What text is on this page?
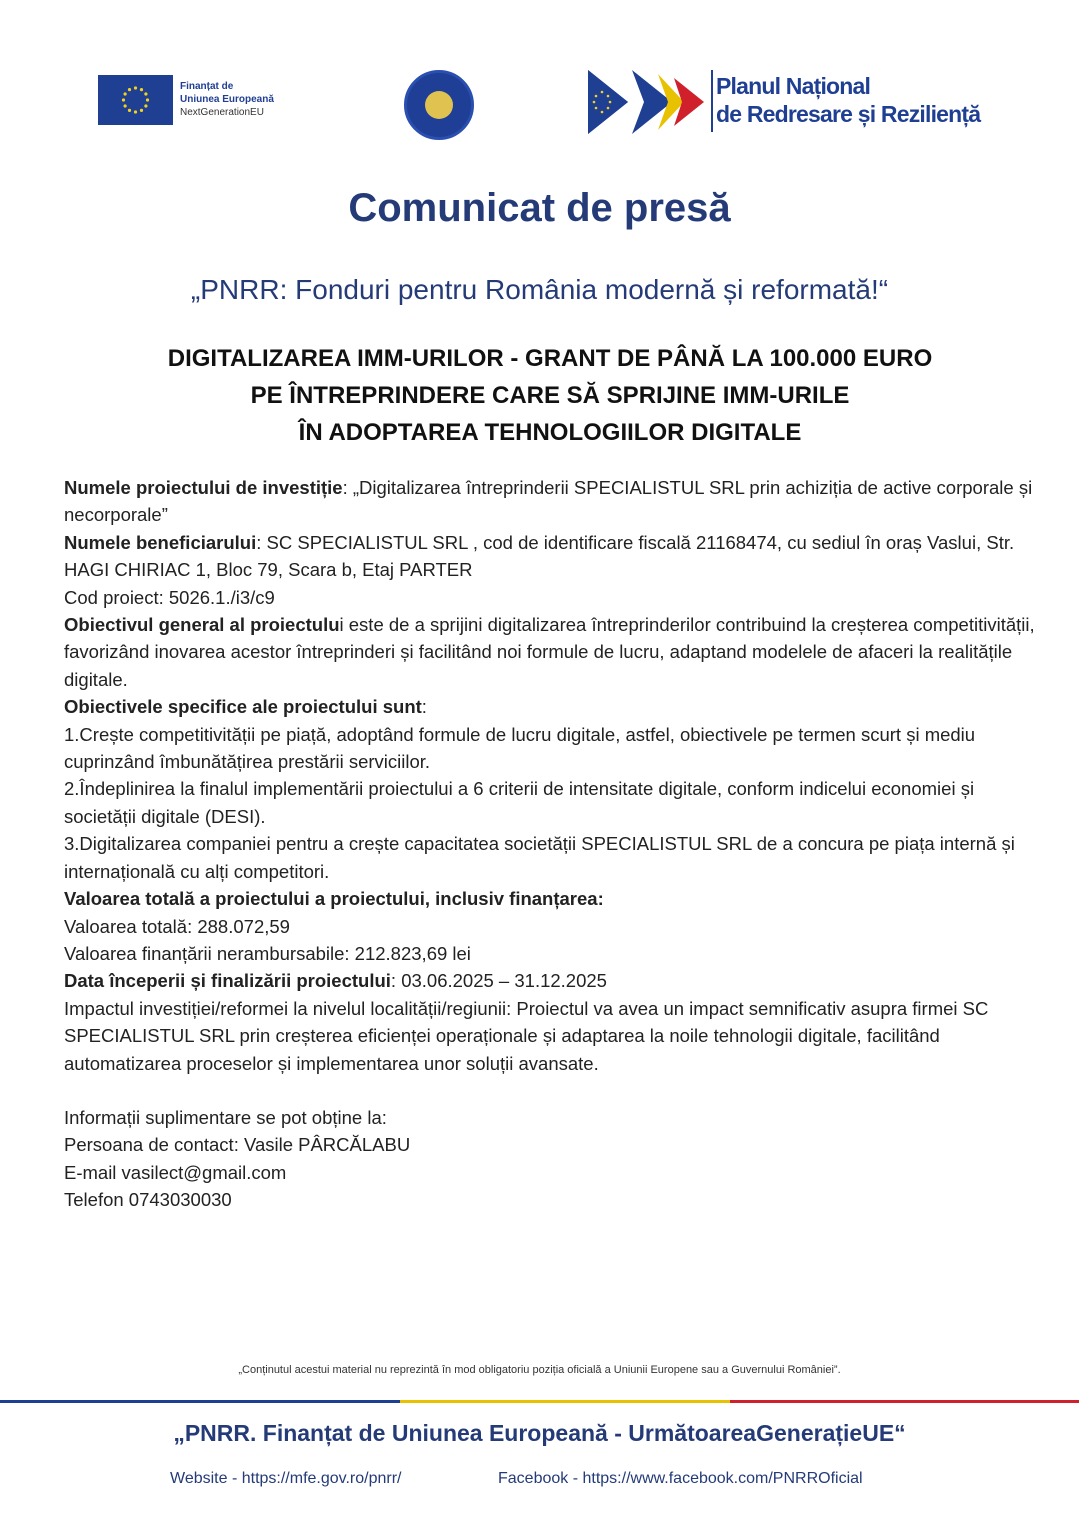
Finanțat de
Uniunea Europeană
NextGenerationEU
Planul Național
de Redresare și Reziliență
Comunicat de presă
„PNRR: Fonduri pentru România modernă și reformată!“
DIGITALIZAREA IMM-URILOR - GRANT DE PÂNĂ LA 100.000 EURO
PE ÎNTREPRINDERE CARE SĂ SPRIJINE IMM-URILE
ÎN ADOPTAREA TEHNOLOGIILOR DIGITALE

Numele proiectului de investiție: „Digitalizarea întreprinderii SPECIALISTUL SRL prin achiziția de active corporale și necorporale”

Numele beneficiarului: SC SPECIALISTUL SRL , cod de identificare fiscală 21168474, cu sediul în oraș Vaslui, Str. HAGI CHIRIAC 1, Bloc 79, Scara b, Etaj PARTER

Cod proiect: 5026.1./i3/c9

Obiectivul general al proiectului este de a sprijini digitalizarea întreprinderilor contribuind la creșterea competitivității, favorizând inovarea acestor întreprinderi și facilitând noi formule de lucru, adaptand modelele de afaceri la realitățile digitale.

Obiectivele specifice ale proiectului sunt:

1.Crește competitivității pe piață, adoptând formule de lucru digitale, astfel, obiectivele pe termen scurt și mediu cuprinzând îmbunătățirea prestării serviciilor.

2.Îndeplinirea la finalul implementării proiectului a 6 criterii de intensitate digitale, conform indicelui economiei și societății digitale (DESI).

3.Digitalizarea companiei pentru a crește capacitatea societății SPECIALISTUL SRL de a concura pe piața internă și internațională cu alți competitori.

Valoarea totală a proiectului a proiectului, inclusiv finanțarea:

Valoarea totală: 288.072,59

Valoarea finanțării nerambursabile: 212.823,69 lei

Data începerii și finalizării proiectului: 03.06.2025 – 31.12.2025

Impactul investiției/reformei la nivelul localității/regiunii: Proiectul va avea un impact semnificativ asupra firmei SC SPECIALISTUL SRL prin creșterea eficienței operaționale și adaptarea la noile tehnologii digitale, facilitând automatizarea proceselor și implementarea unor soluții avansate.

Informații suplimentare se pot obține la:

Persoana de contact: Vasile PÂRCĂLABU

E-mail vasilect@gmail.com

Telefon 0743030030

„Conținutul acestui material nu reprezintă în mod obligatoriu poziția oficială a Uniunii Europene sau a Guvernului României”.
„PNRR. Finanțat de Uniunea Europeană - UrmătoareaGenerațieUE“
Website - https://mfe.gov.ro/pnrr/	Facebook - https://www.facebook.com/PNRROficial
